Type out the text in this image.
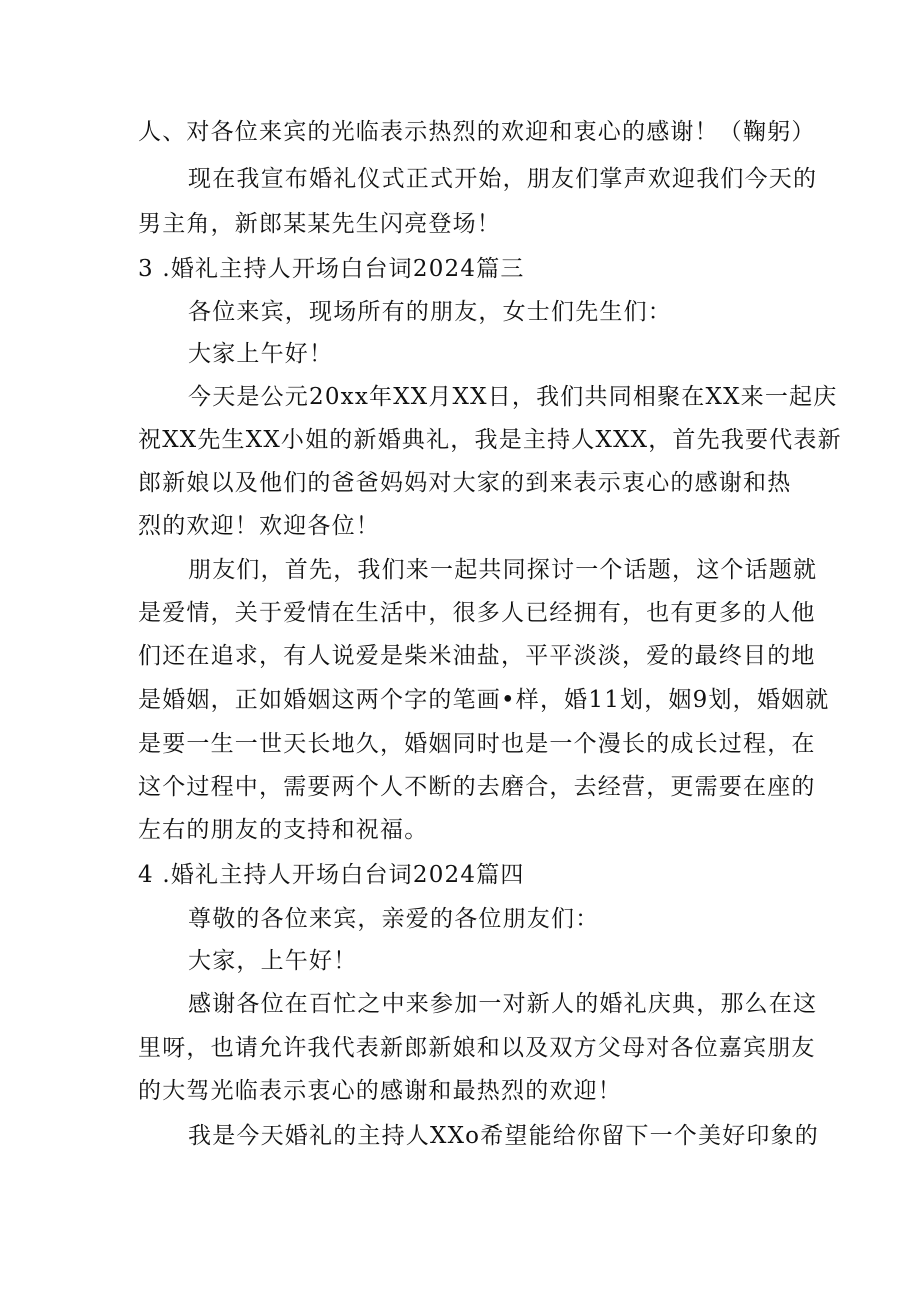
人、对各位来宾的光临表示热烈的欢迎和衷心的感谢！（鞠躬）
现在我宣布婚礼仪式正式开始，朋友们掌声欢迎我们今天的
男主角，新郎某某先生闪亮登场！
3 .婚礼主持人开场白台词2024篇三
各位来宾，现场所有的朋友，女士们先生们：
大家上午好！
今天是公元20xx年XX月XX日，我们共同相聚在XX来一起庆
祝XX先生XX小姐的新婚典礼，我是主持人XXX，首先我要代表新
郎新娘以及他们的爸爸妈妈对大家的到来表示衷心的感谢和热
烈的欢迎！欢迎各位！
朋友们，首先，我们来一起共同探讨一个话题，这个话题就
是爱情，关于爱情在生活中，很多人已经拥有，也有更多的人他
们还在追求，有人说爱是柴米油盐，平平淡淡，爱的最终目的地
是婚姻，正如婚姻这两个字的笔画•样，婚11划，姻9划，婚姻就
是要一生一世天长地久，婚姻同时也是一个漫长的成长过程，在
这个过程中，需要两个人不断的去磨合，去经营，更需要在座的
左右的朋友的支持和祝福。
4 .婚礼主持人开场白台词2024篇四
尊敬的各位来宾，亲爱的各位朋友们：
大家，上午好！
感谢各位在百忙之中来参加一对新人的婚礼庆典，那么在这
里呀，也请允许我代表新郎新娘和以及双方父母对各位嘉宾朋友
的大驾光临表示衷心的感谢和最热烈的欢迎！
我是今天婚礼的主持人XXo希望能给你留下一个美好印象的
